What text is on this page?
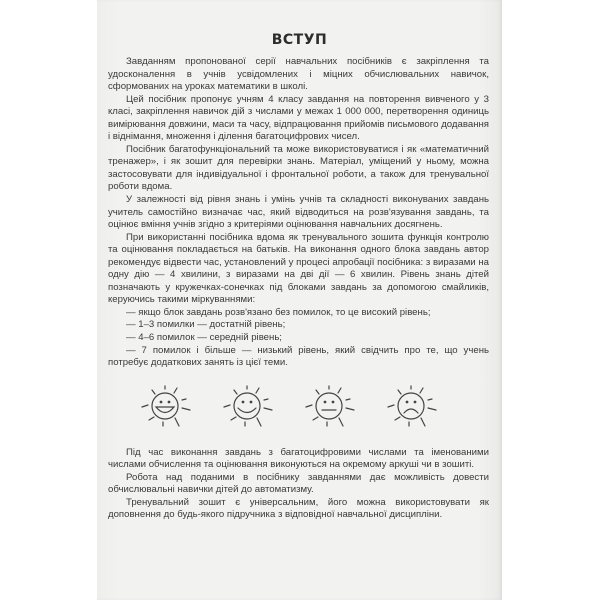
ВСТУП

Завданням пропонованої серії навчальних посібників є закріплення та удосконалення в учнів усвідомлених і міцних обчислювальних навичок, сформованих на уроках математики в школі.

Цей посібник пропонує учням 4 класу завдання на повторення вивченого у 3 класі, закріплення навичок дій з числами у межах 1 000 000, перетворення одиниць вимірювання довжини, маси та часу, відпрацювання прийомів письмового додавання і віднімання, множення і ділення багатоцифрових чисел.

Посібник багатофункціональний та може використовуватися і як «математичний тренажер», і як зошит для перевірки знань. Матеріал, уміщений у ньому, можна застосовувати для індивідуальної і фронтальної роботи, а також для тренувальної роботи вдома.

У залежності від рівня знань і умінь учнів та складності виконуваних завдань учитель самостійно визначає час, який відводиться на розв'язування завдань, та оцінює вміння учнів згідно з критеріями оцінювання навчальних досягнень.

При використанні посібника вдома як тренувального зошита функція контролю та оцінювання покладається на батьків. На виконання одного блока завдань автор рекомендує відвести час, установлений у процесі апробації посібника: з виразами на одну дію — 4 хвилини, з виразами на дві дії — 6 хвилин. Рівень знань дітей позначають у кружечках-сонечках під блоками завдань за допомогою смайликів, керуючись такими міркуваннями:

— якщо блок завдань розв'язано без помилок, то це високий рівень;

— 1–3 помилки — достатній рівень;

— 4–6 помилок — середній рівень;

— 7 помилок і більше — низький рівень, який свідчить про те, що учень потребує додаткових занять із цієї теми.

Під час виконання завдань з багатоцифровими числами та іменованими числами обчислення та оцінювання виконуються на окремому аркуші чи в зошиті.

Робота над поданими в посібнику завданнями дає можливість довести обчислювальні навички дітей до автоматизму.

Тренувальний зошит є універсальним, його можна використовувати як доповнення до будь-якого підручника з відповідної навчальної дисципліни.
